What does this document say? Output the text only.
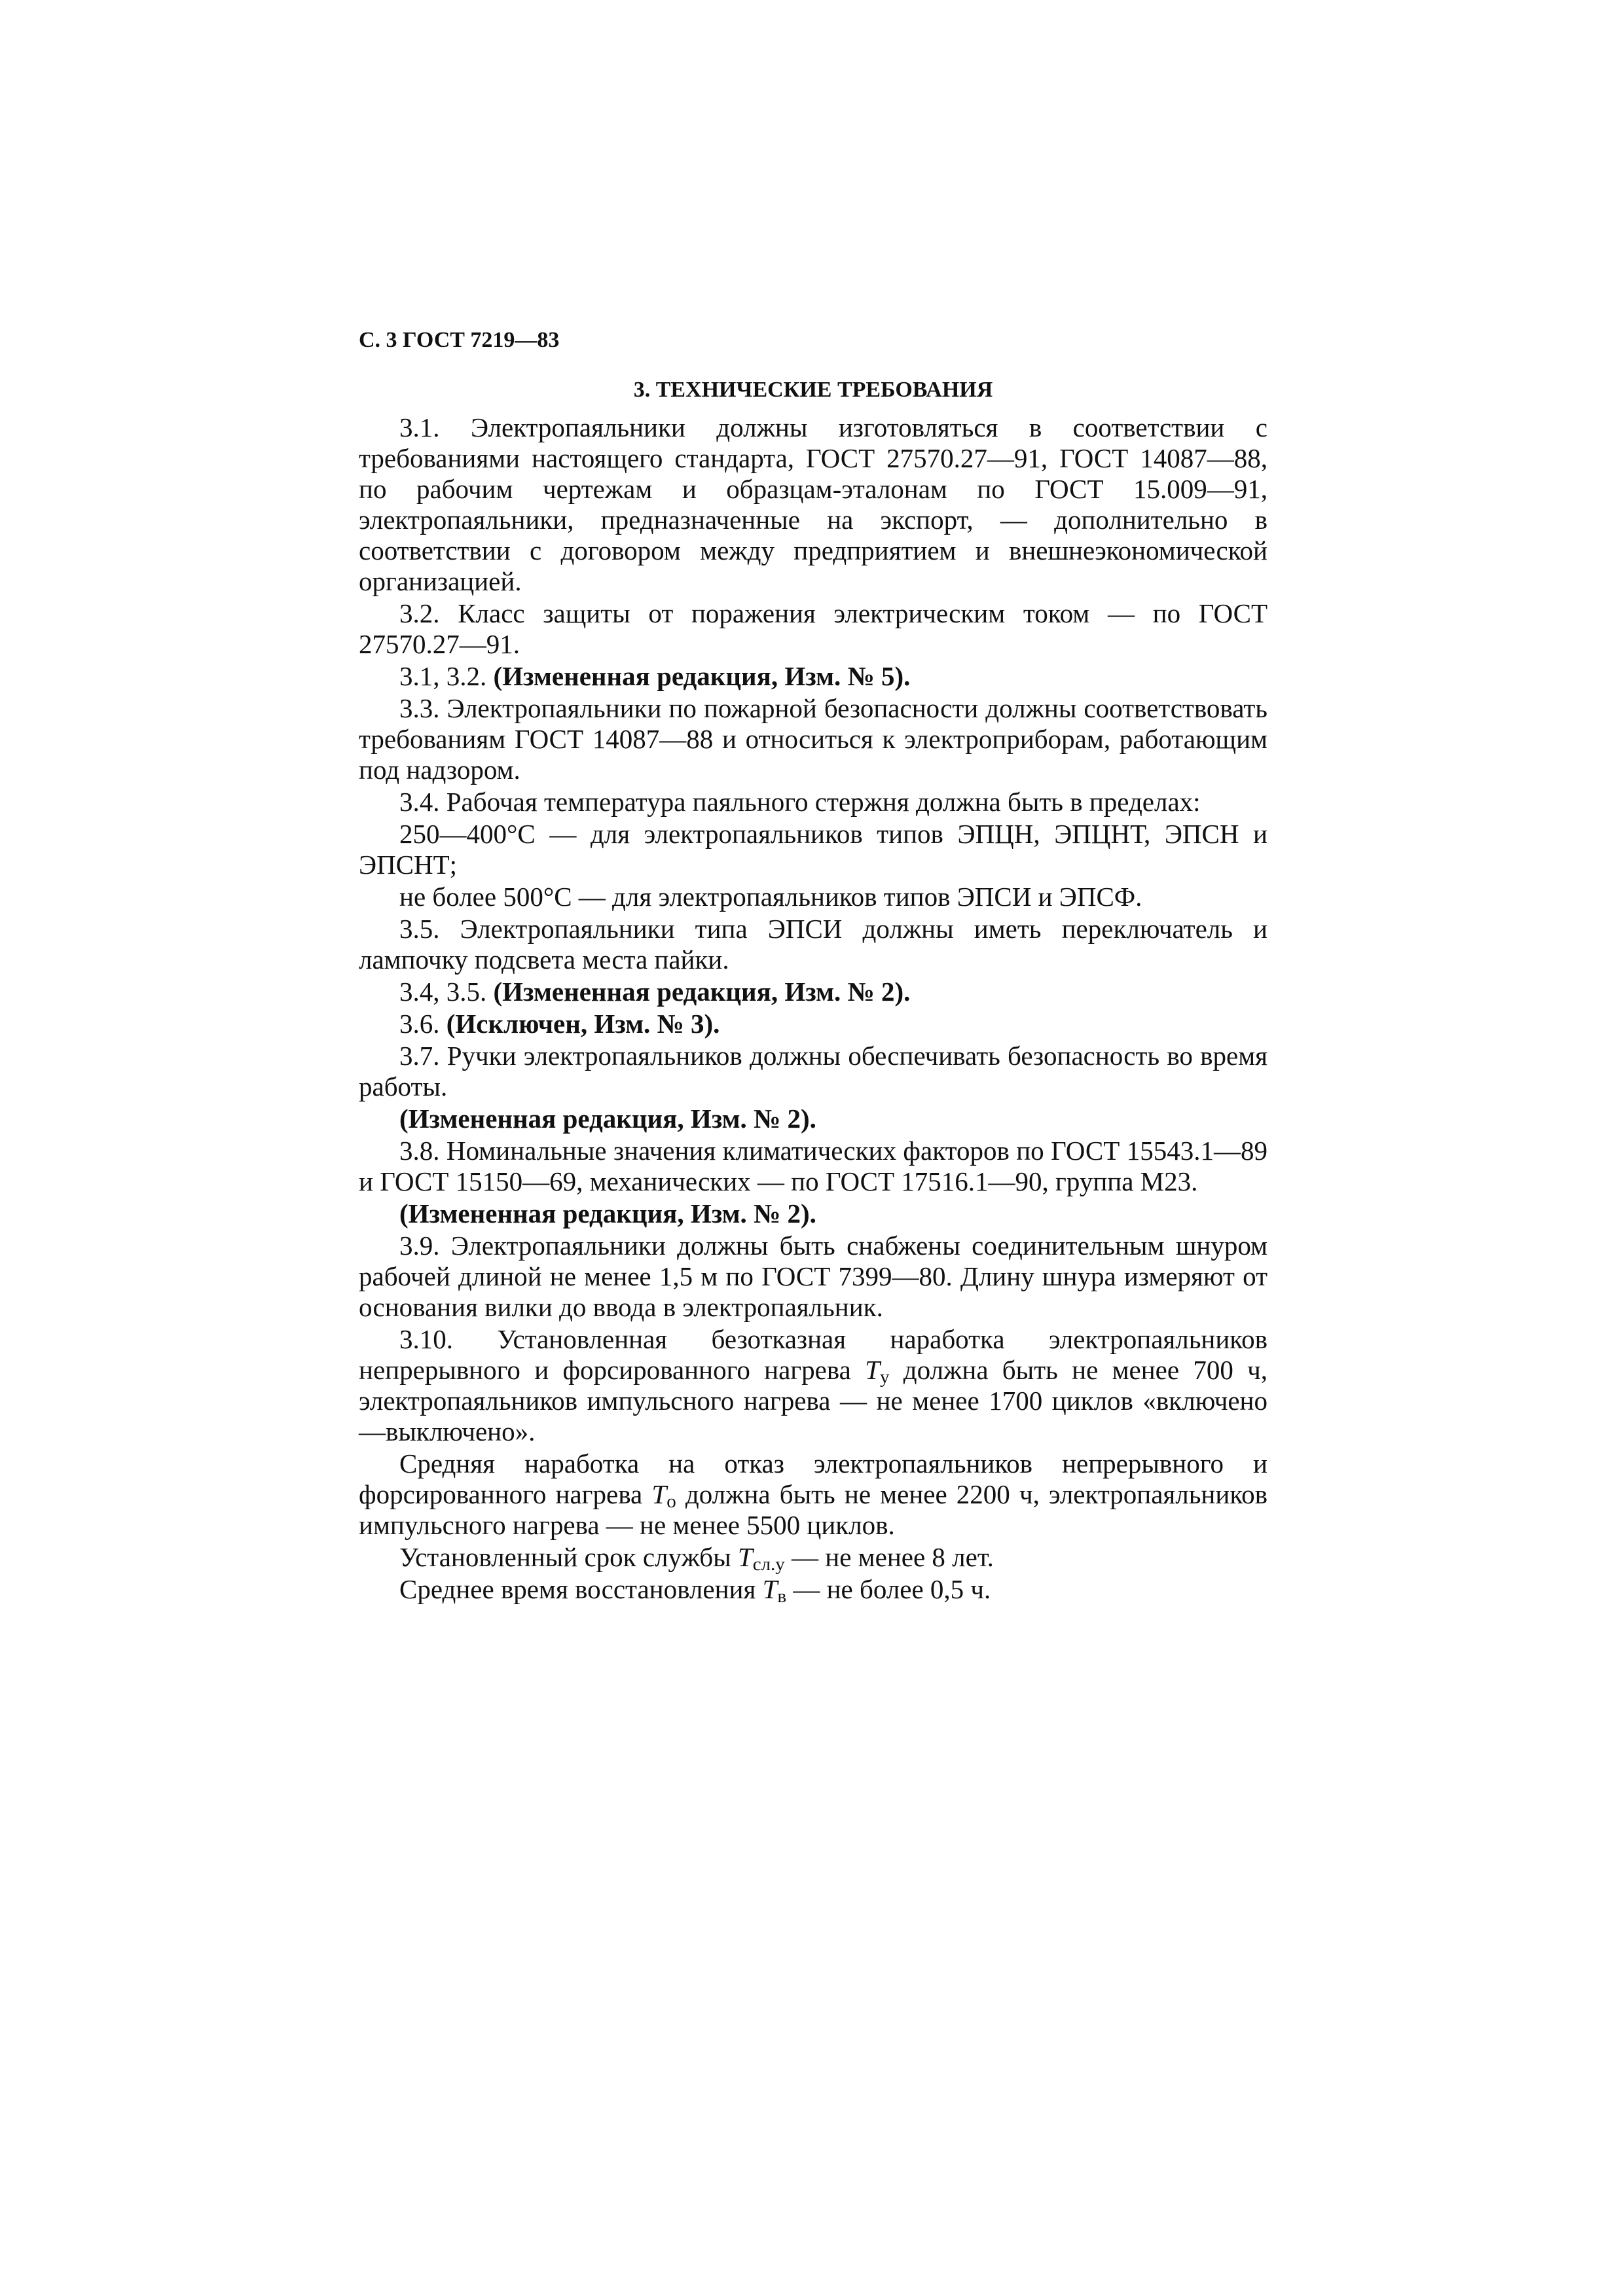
С. 3 ГОСТ 7219—83
3. ТЕХНИЧЕСКИЕ ТРЕБОВАНИЯ

3.1. Электропаяльники должны изготовляться в соответствии с требованиями настоящего стандарта, ГОСТ 27570.27—91, ГОСТ 14087—88, по рабочим чертежам и образцам-эталонам по ГОСТ 15.009—91, электропаяльники, предназначенные на экспорт, — дополнительно в соответствии с договором между предприятием и внешнеэкономической организацией.

3.2. Класс защиты от поражения электрическим током — по ГОСТ 27570.27—91.

3.1, 3.2. (Измененная редакция, Изм. № 5).

3.3. Электропаяльники по пожарной безопасности должны соответствовать требованиям ГОСТ 14087—88 и относиться к электроприборам, работающим под надзором.

3.4. Рабочая температура паяльного стержня должна быть в пределах:

250—400°С — для электропаяльников типов ЭПЦН, ЭПЦНТ, ЭПСН и ЭПСНТ;

не более 500°С — для электропаяльников типов ЭПСИ и ЭПСФ.

3.5. Электропаяльники типа ЭПСИ должны иметь переключатель и лампочку подсвета места пайки.

3.4, 3.5. (Измененная редакция, Изм. № 2).

3.6. (Исключен, Изм. № 3).

3.7. Ручки электропаяльников должны обеспечивать безопасность во время работы.

(Измененная редакция, Изм. № 2).

3.8. Номинальные значения климатических факторов по ГОСТ 15543.1—89 и ГОСТ 15150—69, механических — по ГОСТ 17516.1—90, группа М23.

(Измененная редакция, Изм. № 2).

3.9. Электропаяльники должны быть снабжены соединительным шнуром рабочей длиной не менее 1,5 м по ГОСТ 7399—80. Длину шнура измеряют от основания вилки до ввода в электропаяльник.

3.10. Установленная безотказная наработка электропаяльников непрерывного и форсированного нагрева $T_у$ должна быть не менее 700 ч, электропаяльников импульсного нагрева — не менее 1700 циклов «включено—выключено».

Средняя наработка на отказ электропаяльников непрерывного и форсированного нагрева $T_о$ должна быть не менее 2200 ч, электропаяльников импульсного нагрева — не менее 5500 циклов.

Установленный срок службы $T_{сл.у}$ — не менее 8 лет.

Среднее время восстановления $T_в$ — не более 0,5 ч.
